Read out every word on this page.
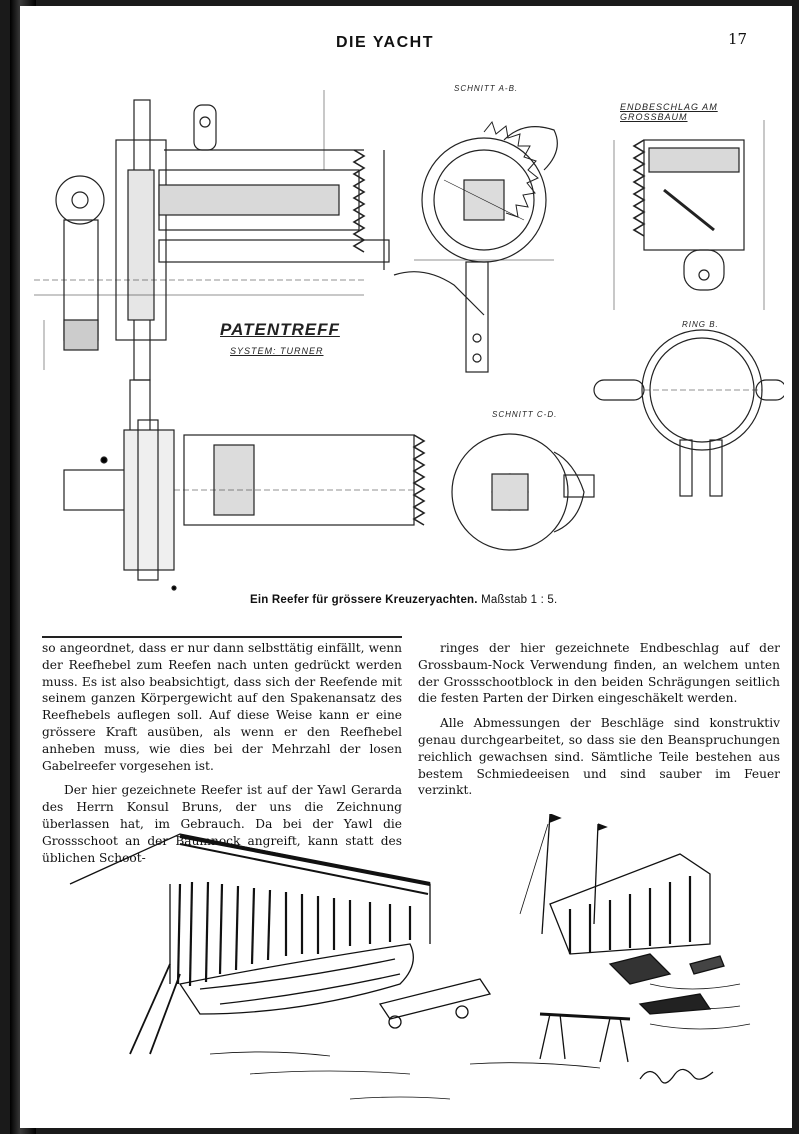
DIE YACHT	17
PATENTREFF
SYSTEM: TURNER
SCHNITT A-B.
ENDBESCHLAG AM GROSSBAUM
RING B.
SCHNITT C-D.
Ein Reefer für grössere Kreuzeryachten. Maßstab 1 : 5.

so angeordnet, dass er nur dann selbsttätig einfällt, wenn der Reefhebel zum Reefen nach unten gedrückt werden muss. Es ist also beabsichtigt, dass sich der Reefende mit seinem ganzen Körpergewicht auf den Spakenansatz des Reefhebels auflegen soll. Auf diese Weise kann er eine grössere Kraft ausüben, als wenn er den Reefhebel anheben muss, wie dies bei der Mehrzahl der losen Gabelreefer vorgesehen ist.

Der hier gezeichnete Reefer ist auf der Yawl Gerarda des Herrn Konsul Bruns, der uns die Zeichnung überlassen hat, im Gebrauch. Da bei der Yawl die Grossschoot an der Baumnock angreift, kann statt des üblichen Schoot-

ringes der hier gezeichnete Endbeschlag auf der Grossbaum-Nock Verwendung finden, an welchem unten der Grossschootblock in den beiden Schrägungen seitlich die festen Parten der Dirken eingeschäkelt werden.

Alle Abmessungen der Beschläge sind konstruktiv genau durchgearbeitet, so dass sie den Beanspruchungen reichlich gewachsen sind. Sämtliche Teile bestehen aus bestem Schmiedeeisen und sind sauber im Feuer verzinkt.
